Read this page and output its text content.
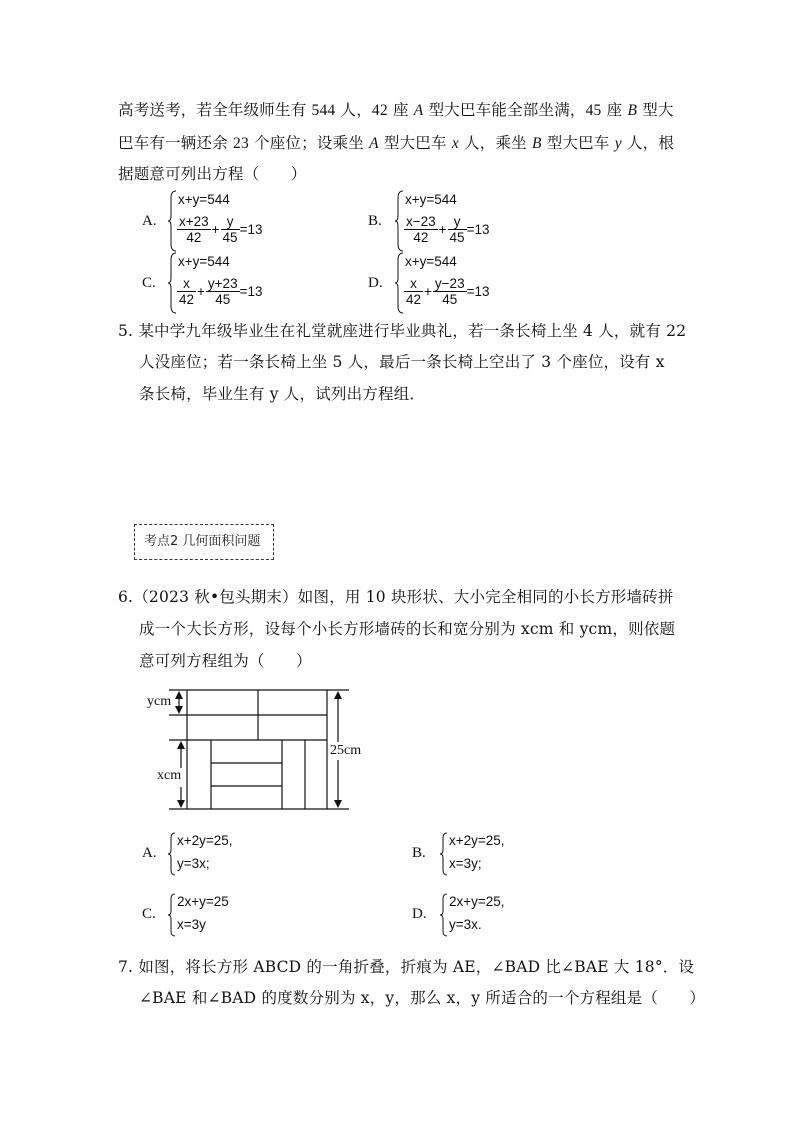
高考送考，若全年级师生有 544 人，42 座 A 型大巴车能全部坐满，45 座 B 型大
巴车有一辆还余 23 个座位；设乘坐 A 型大巴车 x 人，乘坐 B 型大巴车 y 人，根
据题意可列出方程（　　）
A.
x+y=544
$\frac{x+23}{42} + \frac{y}{45} =13$
B.
x+y=544
$\frac{x-23}{42} + \frac{y}{45} =13$
C.
x+y=544
$\frac{x}{42} + \frac{y+23}{45} =13$
D.
x+y=544
$\frac{x}{42} + \frac{y-23}{45} =13$
5. 某中学九年级毕业生在礼堂就座进行毕业典礼，若一条长椅上坐 4 人，就有 22
人没座位；若一条长椅上坐 5 人，最后一条长椅上空出了 3 个座位，设有 x
条长椅，毕业生有 y 人，试列出方程组．
考点2 几何面积问题
6.（2023 秋•包头期末）如图，用 10 块形状、大小完全相同的小长方形墙砖拼
成一个大长方形，设每个小长方形墙砖的长和宽分别为 xcm 和 ycm，则依题
意可列方程组为（　　）
ycm
xcm
25cm
A.
x+2y=25,
y=3x;
B.
x+2y=25,
x=3y;
C.
2x+y=25
x=3y
D.
2x+y=25,
y=3x.
7. 如图，将长方形 ABCD 的一角折叠，折痕为 AE，∠BAD 比∠BAE 大 18°．设
∠BAE 和∠BAD 的度数分别为 x，y，那么 x，y 所适合的一个方程组是（　　）
